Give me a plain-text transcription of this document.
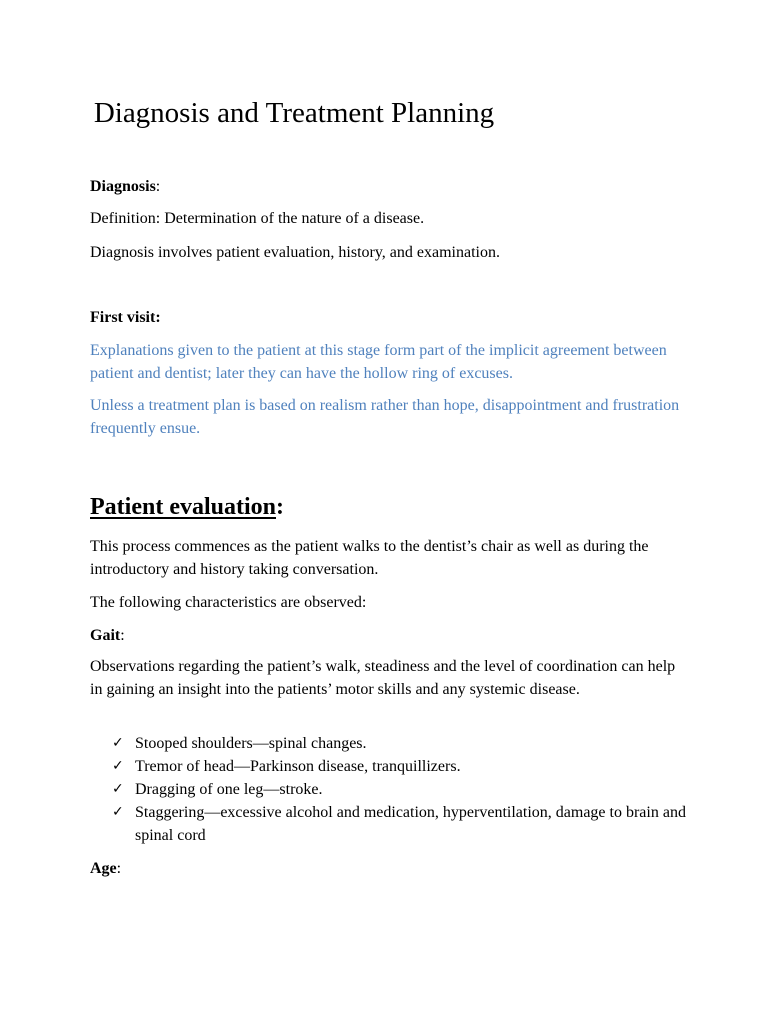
Diagnosis and Treatment Planning

Diagnosis:

Definition: Determination of the nature of a disease.

Diagnosis involves patient evaluation, history, and examination.

First visit:

Explanations given to the patient at this stage form part of the implicit agreement between patient and dentist; later they can have the hollow ring of excuses.

Unless a treatment plan is based on realism rather than hope, disappointment and frustration frequently ensue.

Patient evaluation:

This process commences as the patient walks to the dentist’s chair as well as during the introductory and history taking conversation.

The following characteristics are observed:

Gait:

Observations regarding the patient’s walk, steadiness and the level of coordination can help in gaining an insight into the patients’ motor skills and any systemic disease.

✓ Stooped shoulders—spinal changes.
✓ Tremor of head—Parkinson disease, tranquillizers.
✓ Dragging of one leg—stroke.
✓ Staggering—excessive alcohol and medication, hyperventilation, damage to brain and spinal cord

Age:
